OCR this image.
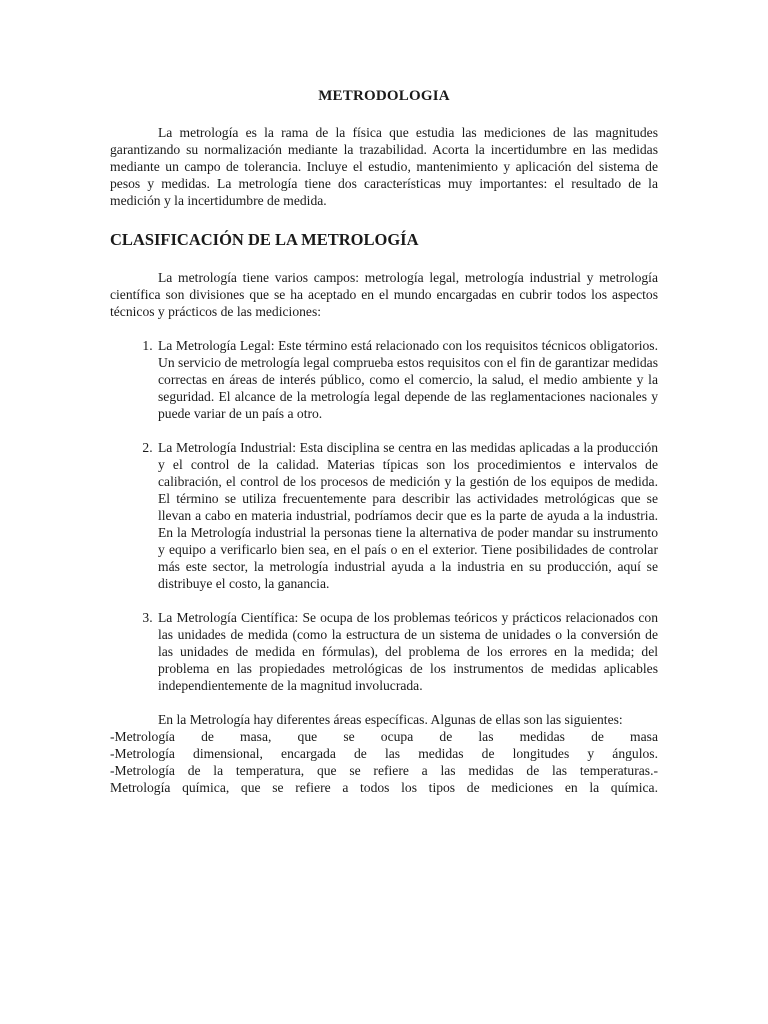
METRODOLOGIA

La metrología es la rama de la física que estudia las mediciones de las magnitudes garantizando su normalización mediante la trazabilidad. Acorta la incertidumbre en las medidas mediante un campo de tolerancia. Incluye el estudio, mantenimiento y aplicación del sistema de pesos y medidas. La metrología tiene dos características muy importantes: el resultado de la medición y la incertidumbre de medida.

CLASIFICACIÓN DE LA METROLOGÍA

La metrología tiene varios campos: metrología legal, metrología industrial y metrología científica son divisiones que se ha aceptado en el mundo encargadas en cubrir todos los aspectos técnicos y prácticos de las mediciones:

1. La Metrología Legal: Este término está relacionado con los requisitos técnicos obligatorios. Un servicio de metrología legal comprueba estos requisitos con el fin de garantizar medidas correctas en áreas de interés público, como el comercio, la salud, el medio ambiente y la seguridad. El alcance de la metrología legal depende de las reglamentaciones nacionales y puede variar de un país a otro.
2. La Metrología Industrial: Esta disciplina se centra en las medidas aplicadas a la producción y el control de la calidad. Materias típicas son los procedimientos e intervalos de calibración, el control de los procesos de medición y la gestión de los equipos de medida. El término se utiliza frecuentemente para describir las actividades metrológicas que se llevan a cabo en materia industrial, podríamos decir que es la parte de ayuda a la industria. En la Metrología industrial la personas tiene la alternativa de poder mandar su instrumento y equipo a verificarlo bien sea, en el país o en el exterior. Tiene posibilidades de controlar más este sector, la metrología industrial ayuda a la industria en su producción, aquí se distribuye el costo, la ganancia.
3. La Metrología Científica: Se ocupa de los problemas teóricos y prácticos relacionados con las unidades de medida (como la estructura de un sistema de unidades o la conversión de las unidades de medida en fórmulas), del problema de los errores en la medida; del problema en las propiedades metrológicas de los instrumentos de medidas aplicables independientemente de la magnitud involucrada.

En la Metrología hay diferentes áreas específicas. Algunas de ellas son las siguientes:

-Metrología de masa, que se ocupa de las medidas de masa

-Metrología dimensional, encargada de las medidas de longitudes y ángulos.

-Metrología de la temperatura, que se refiere a las medidas de las temperaturas.-

Metrología química, que se refiere a todos los tipos de mediciones en la química.
